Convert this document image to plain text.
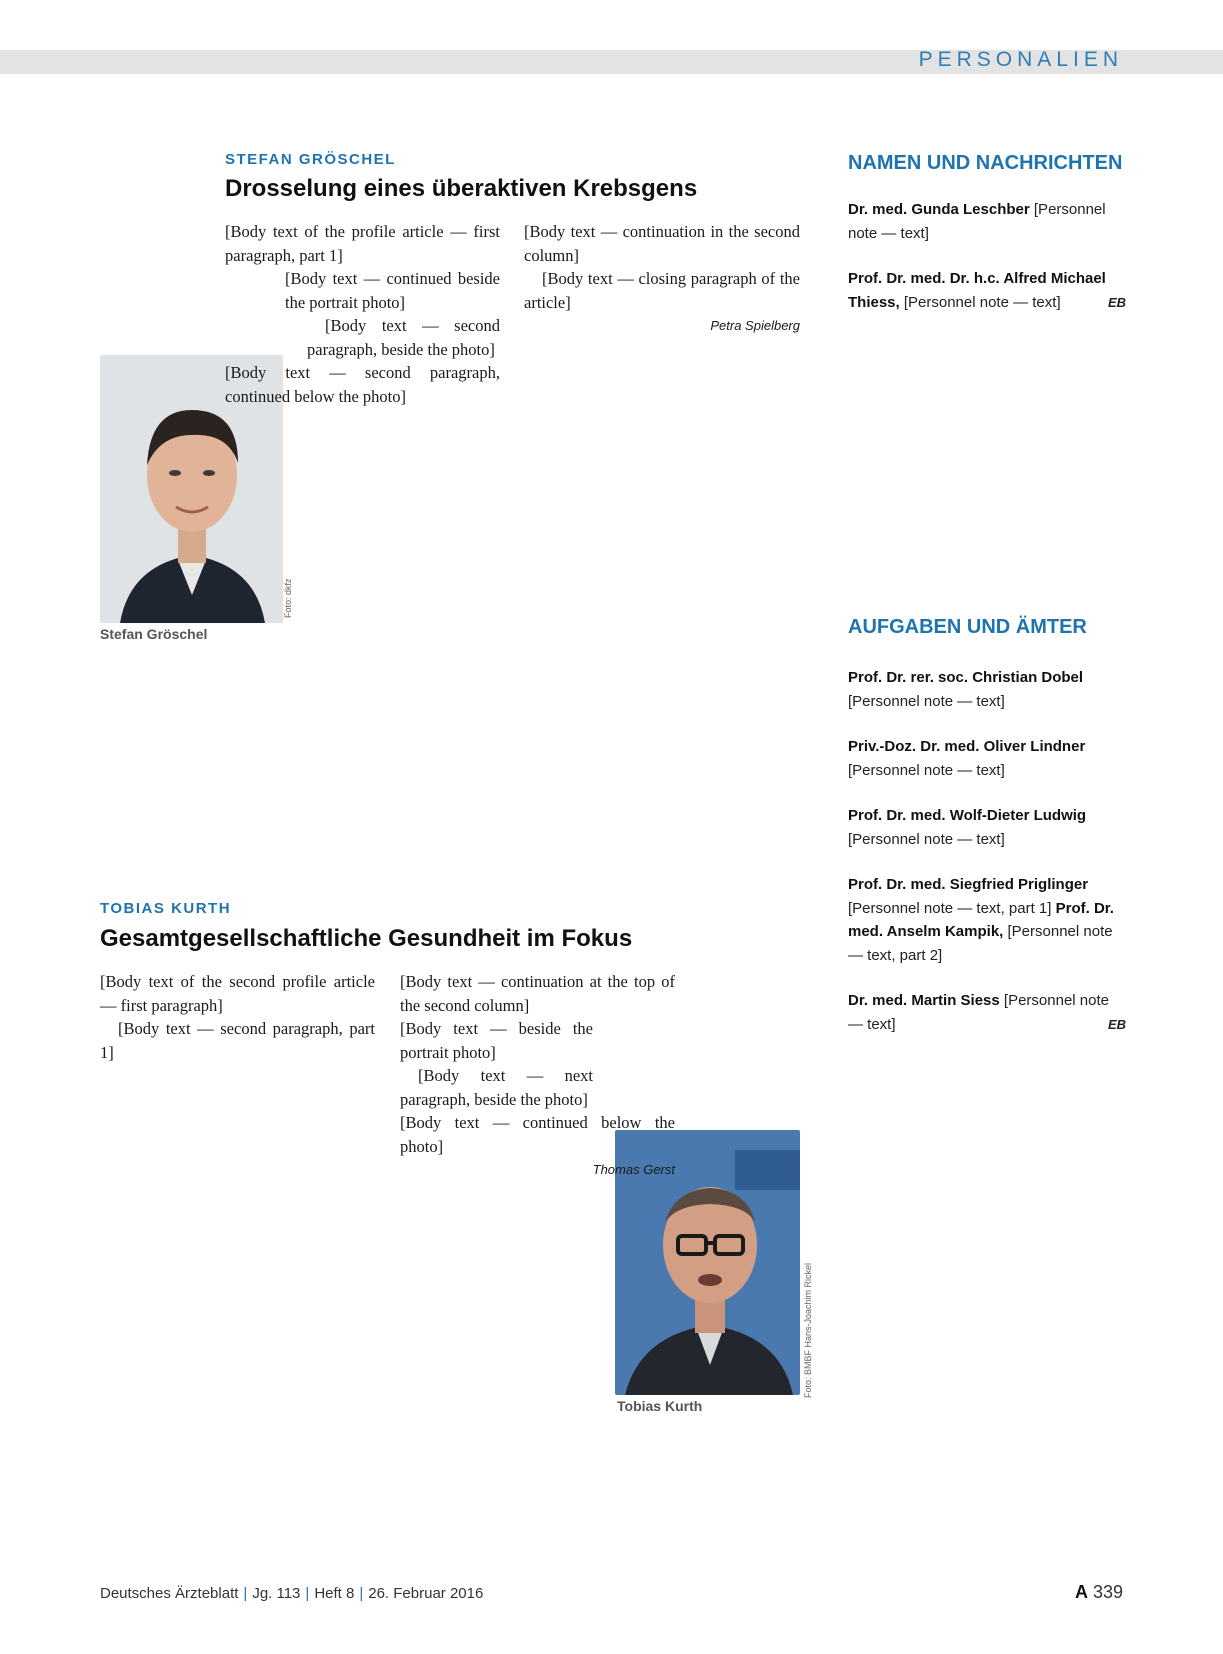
PERSONALIEN
STEFAN GRÖSCHEL
Drosselung eines überaktiven Krebsgens
Foto: dkfz
Stefan Gröschel

[Body text of the profile article — first paragraph, part 1]

[Body text — continued beside the portrait photo]

[Body text — second paragraph, beside the photo]

[Body text — second paragraph, continued below the photo]

[Body text — continuation in the second column]

[Body text — closing paragraph of the article]

Petra Spielberg

TOBIAS KURTH
Gesamtgesellschaftliche Gesundheit im Fokus

[Body text of the second profile article — first paragraph]

[Body text — second paragraph, part 1]

Foto: BMBF Hans-Joachim Rickel
Tobias Kurth

[Body text — continuation at the top of the second column]

[Body text — beside the portrait photo]

[Body text — next paragraph, beside the photo]

[Body text — continued below the photo]

Thomas Gerst

NAMEN UND NACHRICHTEN

Dr. med. Gunda Leschber [Personnel note — text]

Prof. Dr. med. Dr. h.c. Alfred Michael Thiess, [Personnel note — text]	EB

AUFGABEN UND ÄMTER

Prof. Dr. rer. soc. Christian Dobel [Personnel note — text]

Priv.-Doz. Dr. med. Oliver Lindner [Personnel note — text]

Prof. Dr. med. Wolf-Dieter Ludwig [Personnel note — text]

Prof. Dr. med. Siegfried Priglinger [Personnel note — text, part 1] Prof. Dr. med. Anselm Kampik, [Personnel note — text, part 2]

Dr. med. Martin Siess [Personnel note — text]	EB

Deutsches Ärzteblatt | Jg. 113 | Heft 8 | 26. Februar 2016	A 339
